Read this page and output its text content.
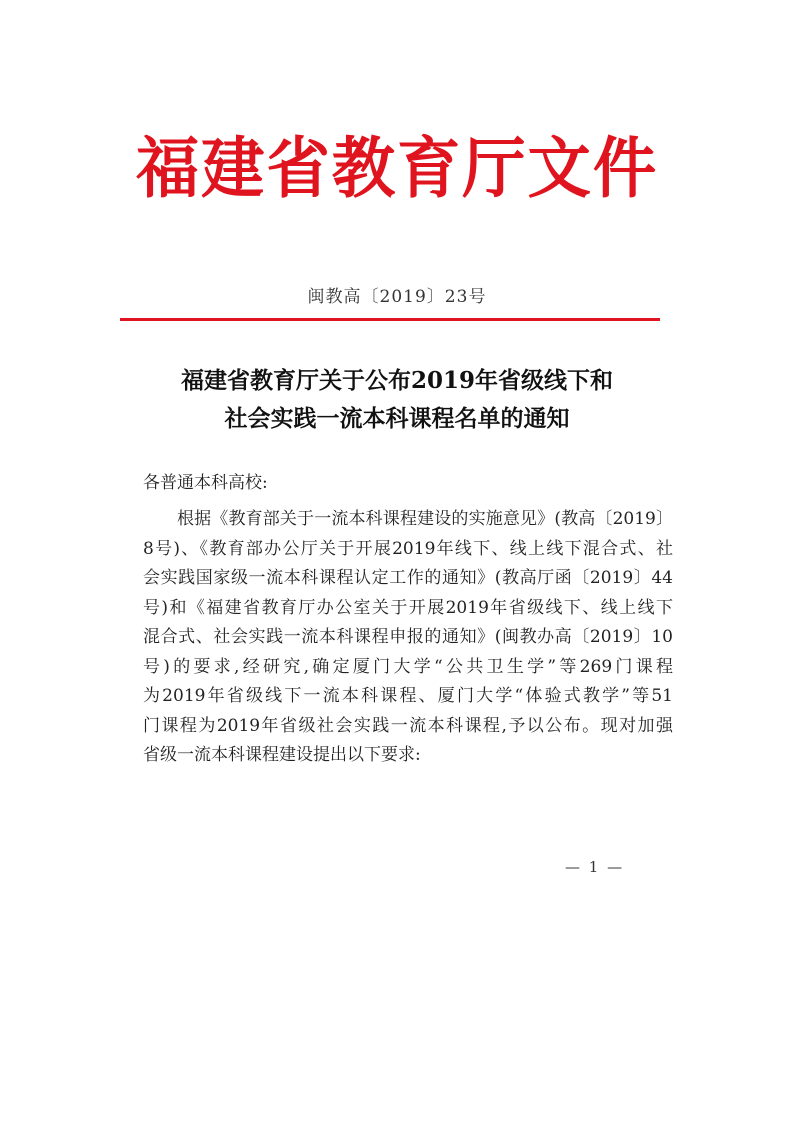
福建省教育厅文件
闽教高〔2019〕23号
福建省教育厅关于公布2019年省级线下和
社会实践一流本科课程名单的通知
各普通本科高校:
根据《教育部关于一流本科课程建设的实施意见》(教高〔2019〕
8号)、《教育部办公厅关于开展2019年线下、线上线下混合式、社
会实践国家级一流本科课程认定工作的通知》(教高厅函〔2019〕44
号)和《福建省教育厅办公室关于开展2019年省级线下、线上线下
混合式、社会实践一流本科课程申报的通知》(闽教办高〔2019〕10
号)的要求,经研究,确定厦门大学“公共卫生学”等269门课程
为2019年省级线下一流本科课程、厦门大学“体验式教学”等51
门课程为2019年省级社会实践一流本科课程,予以公布。现对加强
省级一流本科课程建设提出以下要求:
— 1 —
